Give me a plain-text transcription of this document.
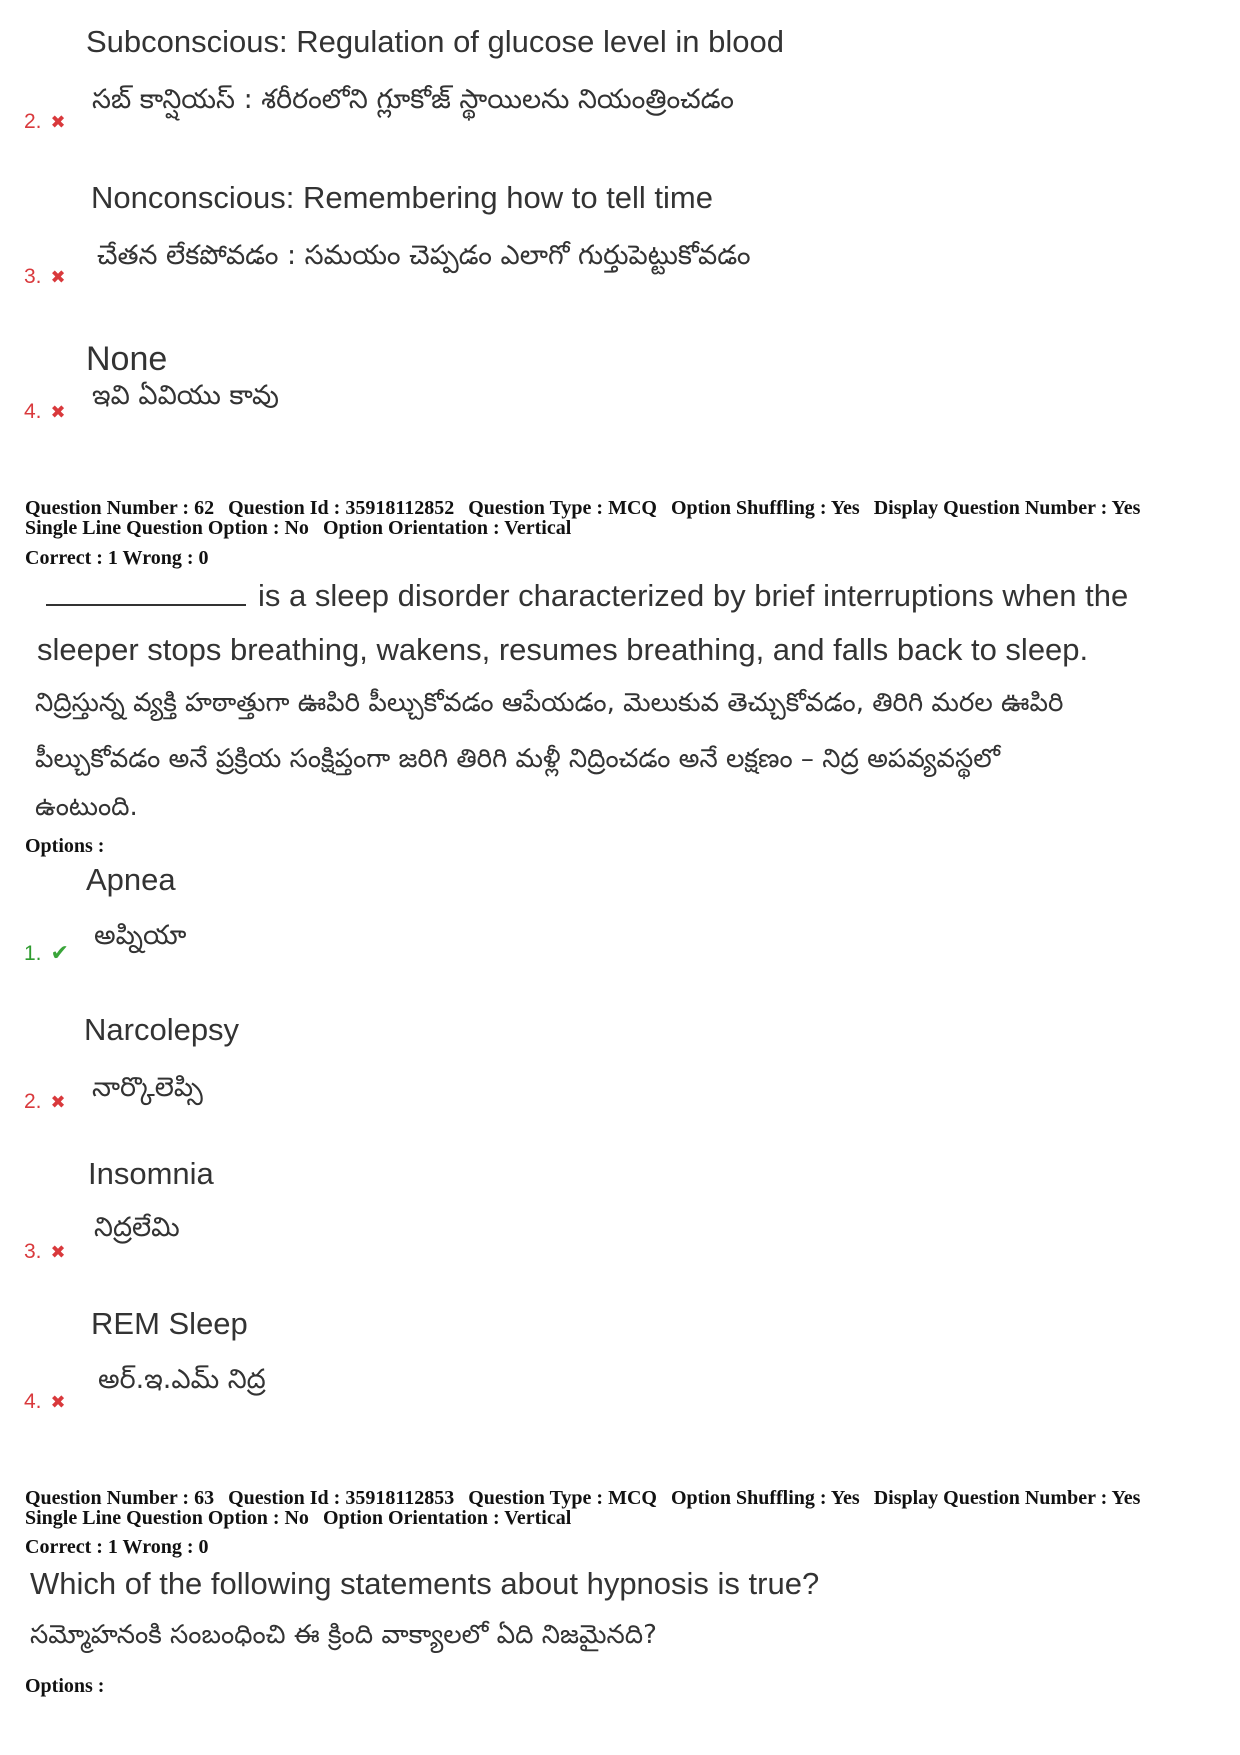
Subconscious: Regulation of glucose level in blood
2. ✖
సబ్ కాన్షియస్ : శరీరంలోని గ్లూకోజ్ స్థాయిలను నియంత్రించడం
Nonconscious: Remembering how to tell time
3. ✖
చేతన లేకపోవడం : సమయం చెప్పడం ఎలాగో గుర్తుపెట్టుకోవడం
None
4. ✖
ఇవి ఏవియు కావు
Question Number : 62 Question Id : 35918112852 Question Type : MCQ Option Shuffling : Yes Display Question Number : Yes
Single Line Question Option : No Option Orientation : Vertical
Correct : 1 Wrong : 0
is a sleep disorder characterized by brief interruptions when the
sleeper stops breathing, wakens, resumes breathing, and falls back to sleep.
నిద్రిస్తున్న వ్యక్తి హఠాత్తుగా ఊపిరి పీల్చుకోవడం ఆపేయడం, మెలుకువ తెచ్చుకోవడం, తిరిగి మరల ఊపిరి
పీల్చుకోవడం అనే ప్రక్రియ సంక్షిప్తంగా జరిగి తిరిగి మళ్లీ నిద్రించడం అనే లక్షణం – నిద్ర అపవ్యవస్థలో
ఉంటుంది.
Options :
Apnea
1. ✔
అప్నియా
Narcolepsy
2. ✖ నార్కొలెప్సి
Insomnia
3. ✖
నిద్రలేమి
REM Sleep
4. ✖
అర్.ఇ.ఎమ్ నిద్ర
Question Number : 63 Question Id : 35918112853 Question Type : MCQ Option Shuffling : Yes Display Question Number : Yes
Single Line Question Option : No Option Orientation : Vertical
Correct : 1 Wrong : 0
Which of the following statements about hypnosis is true?
సమ్మోహనంకి సంబంధించి ఈ క్రింది వాక్యాలలో ఏది నిజమైనది?
Options :
